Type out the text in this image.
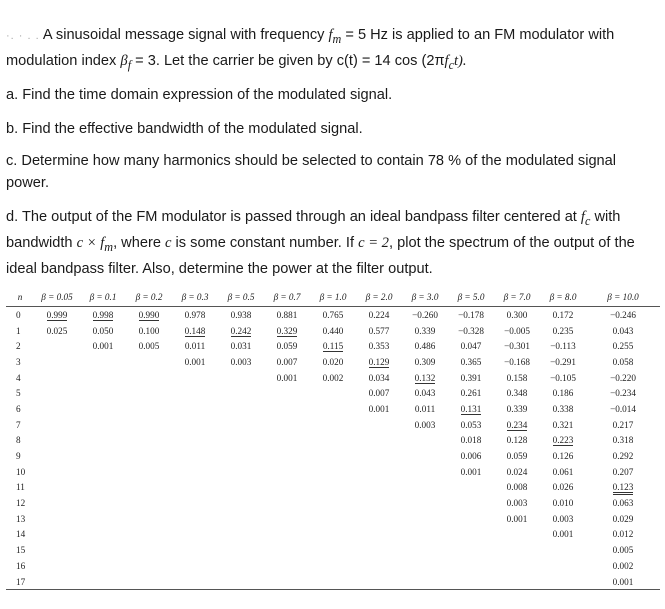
·. · . . A sinusoidal message signal with frequency $f_m = 5$ Hz is applied to an FM modulator with modulation index $\beta_f = 3$. Let the carrier be given by c(t) = 14 $\cos (2\pi f_ct)$.
a. Find the time domain expression of the modulated signal.
b. Find the effective bandwidth of the modulated signal.
c. Determine how many harmonics should be selected to contain 78 % of the modulated signal power.
d. The output of the FM modulator is passed through an ideal bandpass filter centered at $f_c$ with bandwidth $c \times f_m$, where c is some constant number. If c = 2, plot the spectrum of the output of the ideal bandpass filter. Also, determine the power at the filter output.
n	β = 0.05	β = 0.1	β = 0.2	β = 0.3	β = 0.5	β = 0.7	β = 1.0	β = 2.0	β = 3.0	β = 5.0	β = 7.0	β = 8.0	β = 10.0
0	0.999	0.998	0.990	0.978	0.938	0.881	0.765	0.224	−0.260	−0.178	0.300	0.172	−0.246
1	0.025	0.050	0.100	0.148	0.242	0.329	0.440	0.577	0.339	−0.328	−0.005	0.235	0.043
2		0.001	0.005	0.011	0.031	0.059	0.115	0.353	0.486	0.047	−0.301	−0.113	0.255
3				0.001	0.003	0.007	0.020	0.129	0.309	0.365	−0.168	−0.291	0.058
4						0.001	0.002	0.034	0.132	0.391	0.158	−0.105	−0.220
5								0.007	0.043	0.261	0.348	0.186	−0.234
6								0.001	0.011	0.131	0.339	0.338	−0.014
7									0.003	0.053	0.234	0.321	0.217
8										0.018	0.128	0.223	0.318
9										0.006	0.059	0.126	0.292
10										0.001	0.024	0.061	0.207
11											0.008	0.026	0.123
12											0.003	0.010	0.063
13											0.001	0.003	0.029
14												0.001	0.012
15													0.005
16													0.002
17													0.001
